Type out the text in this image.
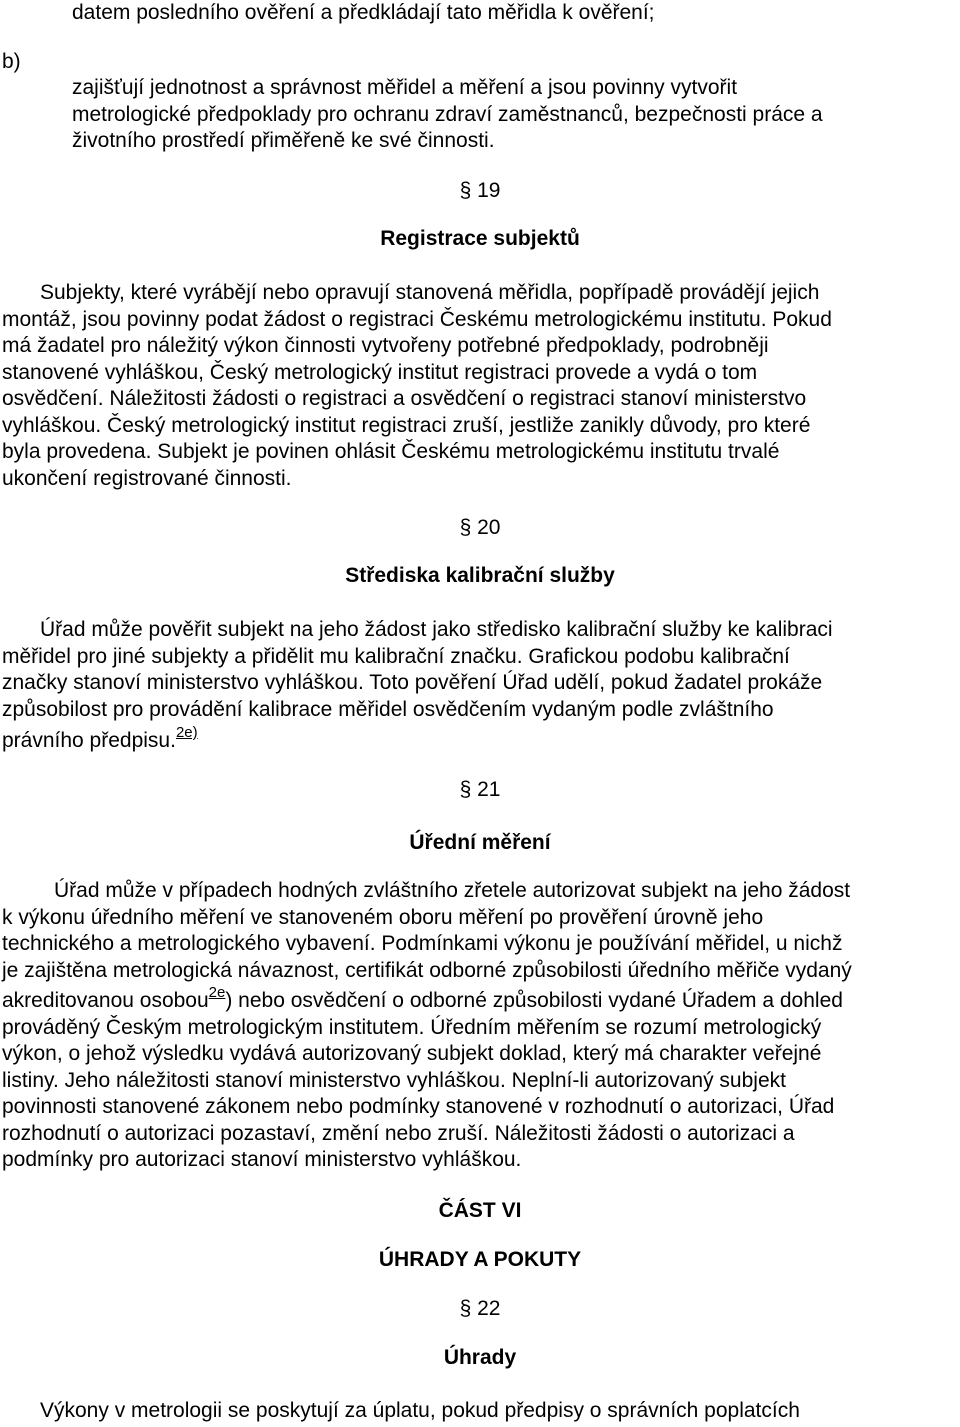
datem posledního ověření a předkládají tato měřidla k ověření;
b)
zajišťují jednotnost a správnost měřidel a měření a jsou povinny vytvořit
metrologické předpoklady pro ochranu zdraví zaměstnanců, bezpečnosti práce a
životního prostředí přiměřeně ke své činnosti.
§ 19
Registrace subjektů
Subjekty, které vyrábějí nebo opravují stanovená měřidla, popřípadě provádějí jejich
montáž, jsou povinny podat žádost o registraci Českému metrologickému institutu. Pokud
má žadatel pro náležitý výkon činnosti vytvořeny potřebné předpoklady, podrobněji
stanovené vyhláškou, Český metrologický institut registraci provede a vydá o tom
osvědčení. Náležitosti žádosti o registraci a osvědčení o registraci stanoví ministerstvo
vyhláškou. Český metrologický institut registraci zruší, jestliže zanikly důvody, pro které
byla provedena. Subjekt je povinen ohlásit Českému metrologickému institutu trvalé
ukončení registrované činnosti.
§ 20
Střediska kalibrační služby
Úřad může pověřit subjekt na jeho žádost jako středisko kalibrační služby ke kalibraci
měřidel pro jiné subjekty a přidělit mu kalibrační značku. Grafickou podobu kalibrační
značky stanoví ministerstvo vyhláškou. Toto pověření Úřad udělí, pokud žadatel prokáže
způsobilost pro provádění kalibrace měřidel osvědčením vydaným podle zvláštního
právního předpisu.$^{2e)}$
§ 21
Úřední měření
Úřad může v případech hodných zvláštního zřetele autorizovat subjekt na jeho žádost
k výkonu úředního měření ve stanoveném oboru měření po prověření úrovně jeho
technického a metrologického vybavení. Podmínkami výkonu je používání měřidel, u nichž
je zajištěna metrologická návaznost, certifikát odborné způsobilosti úředního měřiče vydaný
akreditovanou osobou$^{2e}$) nebo osvědčení o odborné způsobilosti vydané Úřadem a dohled
prováděný Českým metrologickým institutem. Úředním měřením se rozumí metrologický
výkon, o jehož výsledku vydává autorizovaný subjekt doklad, který má charakter veřejné
listiny. Jeho náležitosti stanoví ministerstvo vyhláškou. Neplní-li autorizovaný subjekt
povinnosti stanovené zákonem nebo podmínky stanovené v rozhodnutí o autorizaci, Úřad
rozhodnutí o autorizaci pozastaví, změní nebo zruší. Náležitosti žádosti o autorizaci a
podmínky pro autorizaci stanoví ministerstvo vyhláškou.
ČÁST VI
ÚHRADY A POKUTY
§ 22
Úhrady
Výkony v metrologii se poskytují za úplatu, pokud předpisy o správních poplatcích
